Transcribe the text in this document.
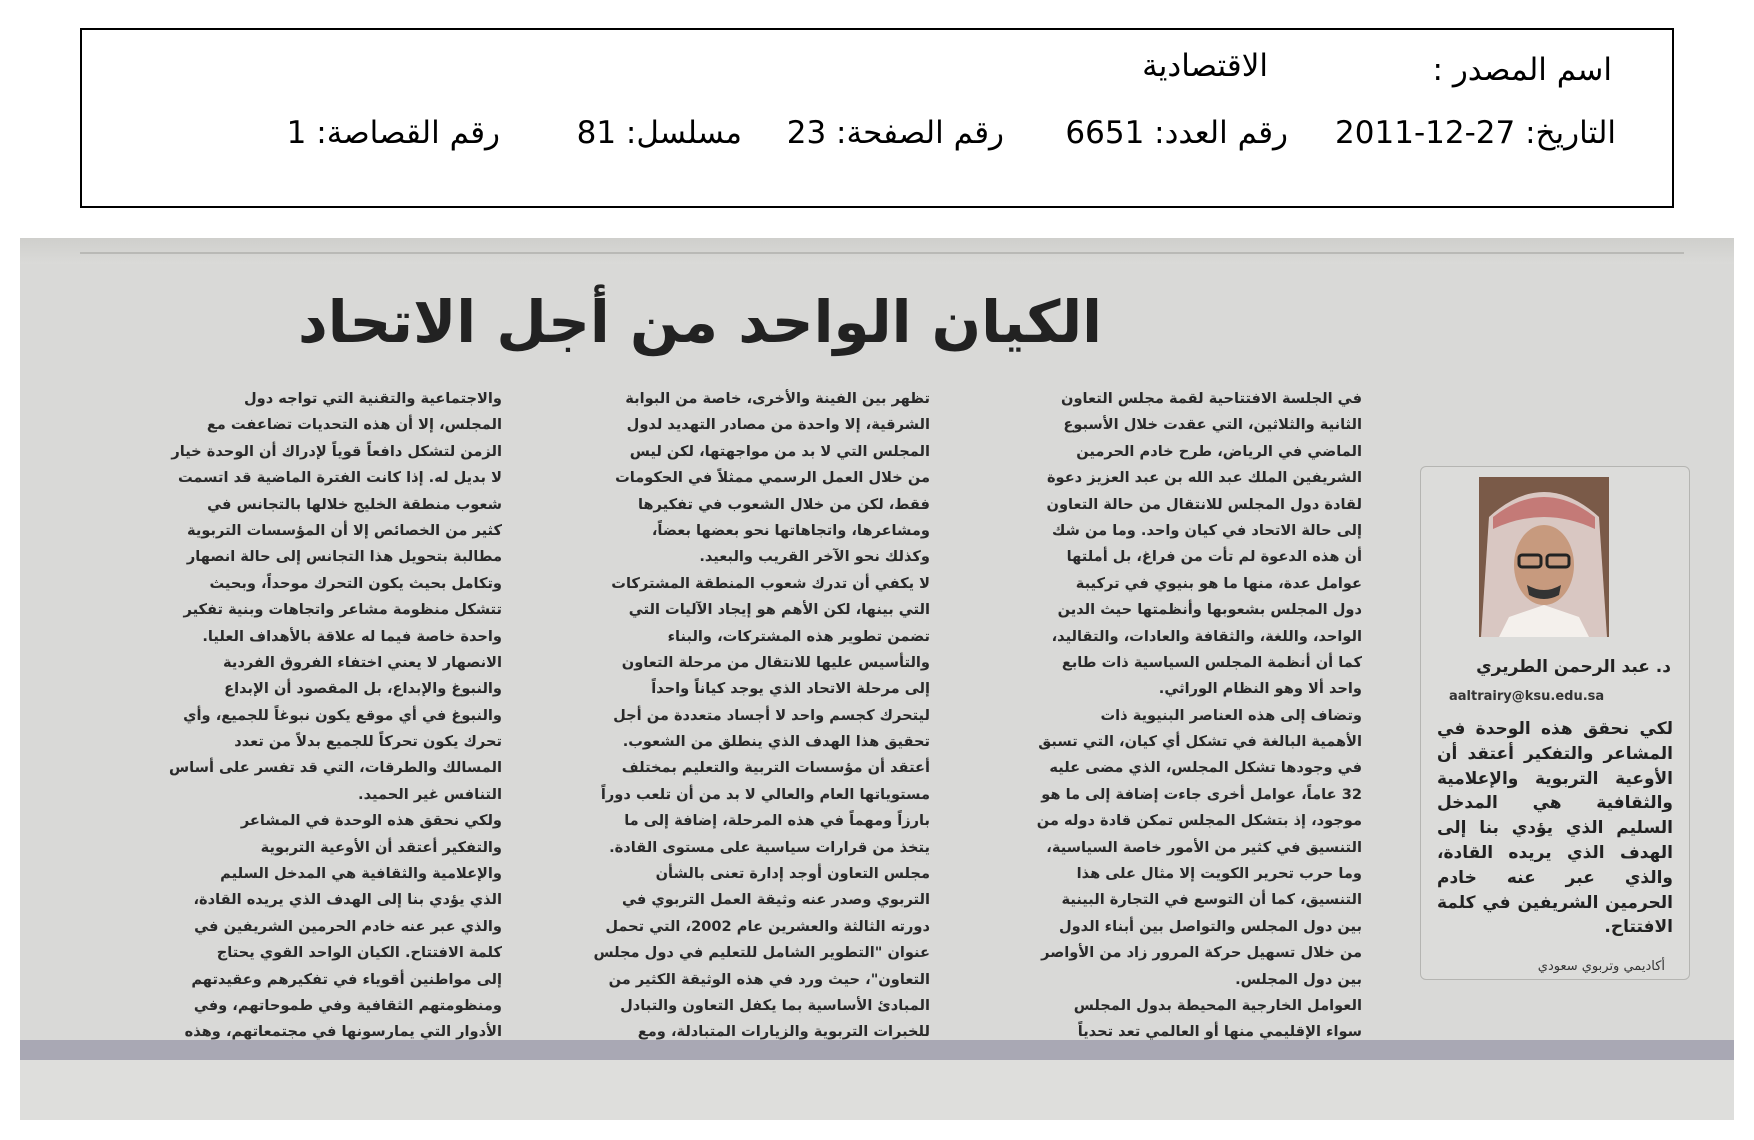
اسم المصدر :
الاقتصادية
التاريخ: 27-12-2011
رقم العدد: 6651
رقم الصفحة: 23
مسلسل: 81
رقم القصاصة: 1
الكيان الواحد من أجل الاتحاد
في الجلسة الافتتاحية لقمة مجلس التعاون
الثانية والثلاثين، التي عقدت خلال الأسبوع
الماضي في الرياض، طرح خادم الحرمين
الشريفين الملك عبد الله بن عبد العزيز دعوة
لقادة دول المجلس للانتقال من حالة التعاون
إلى حالة الاتحاد في كيان واحد. وما من شك
أن هذه الدعوة لم تأت من فراغ، بل أملتها
عوامل عدة، منها ما هو بنيوي في تركيبة
دول المجلس بشعوبها وأنظمتها حيث الدين
الواحد، واللغة، والثقافة والعادات، والتقاليد،
كما أن أنظمة المجلس السياسية ذات طابع
واحد ألا وهو النظام الوراثي.
وتضاف إلى هذه العناصر البنيوية ذات
الأهمية البالغة في تشكل أي كيان، التي تسبق
في وجودها تشكل المجلس، الذي مضى عليه
32 عاماً، عوامل أخرى جاءت إضافة إلى ما هو
موجود، إذ بتشكل المجلس تمكن قادة دوله من
التنسيق في كثير من الأمور خاصة السياسية،
وما حرب تحرير الكويت إلا مثال على هذا
التنسيق، كما أن التوسع في التجارة البينية
بين دول المجلس والتواصل بين أبناء الدول
من خلال تسهيل حركة المرور زاد من الأواصر
بين دول المجلس.
العوامل الخارجية المحيطة بدول المجلس
سواء الإقليمي منها أو العالمي تعد تحدياً
تظهر بين الفينة والأخرى، خاصة من البوابة
الشرقية، إلا واحدة من مصادر التهديد لدول
المجلس التي لا بد من مواجهتها، لكن ليس
من خلال العمل الرسمي ممثلاً في الحكومات
فقط، لكن من خلال الشعوب في تفكيرها
ومشاعرها، واتجاهاتها نحو بعضها بعضاً،
وكذلك نحو الآخر القريب والبعيد.
لا يكفي أن تدرك شعوب المنطقة المشتركات
التي بينها، لكن الأهم هو إيجاد الآليات التي
تضمن تطوير هذه المشتركات، والبناء
والتأسيس عليها للانتقال من مرحلة التعاون
إلى مرحلة الاتحاد الذي يوجد كياناً واحداً
ليتحرك كجسم واحد لا أجساد متعددة من أجل
تحقيق هذا الهدف الذي ينطلق من الشعوب.
أعتقد أن مؤسسات التربية والتعليم بمختلف
مستوياتها العام والعالي لا بد من أن تلعب دوراً
بارزاً ومهماً في هذه المرحلة، إضافة إلى ما
يتخذ من قرارات سياسية على مستوى القادة.
مجلس التعاون أوجد إدارة تعنى بالشأن
التربوي وصدر عنه وثيقة العمل التربوي في
دورته الثالثة والعشرين عام 2002، التي تحمل
عنوان "التطوير الشامل للتعليم في دول مجلس
التعاون"، حيث ورد في هذه الوثيقة الكثير من
المبادئ الأساسية بما يكفل التعاون والتبادل
للخبرات التربوية والزيارات المتبادلة، ومع
والاجتماعية والتقنية التي تواجه دول
المجلس، إلا أن هذه التحديات تضاعفت مع
الزمن لتشكل دافعاً قوياً لإدراك أن الوحدة خيار
لا بديل له. إذا كانت الفترة الماضية قد اتسمت
شعوب منطقة الخليج خلالها بالتجانس في
كثير من الخصائص إلا أن المؤسسات التربوية
مطالبة بتحويل هذا التجانس إلى حالة انصهار
وتكامل بحيث يكون التحرك موحداً، وبحيث
تتشكل منظومة مشاعر واتجاهات وبنية تفكير
واحدة خاصة فيما له علاقة بالأهداف العليا.
الانصهار لا يعني اختفاء الفروق الفردية
والنبوغ والإبداع، بل المقصود أن الإبداع
والنبوغ في أي موقع يكون نبوغاً للجميع، وأي
تحرك يكون تحركاً للجميع بدلاً من تعدد
المسالك والطرقات، التي قد تفسر على أساس
التنافس غير الحميد.
ولكي نحقق هذه الوحدة في المشاعر
والتفكير أعتقد أن الأوعية التربوية
والإعلامية والثقافية هي المدخل السليم
الذي يؤدي بنا إلى الهدف الذي يريده القادة،
والذي عبر عنه خادم الحرمين الشريفين في
كلمة الافتتاح. الكيان الواحد القوي يحتاج
إلى مواطنين أقوياء في تفكيرهم وعقيدتهم
ومنظومتهم الثقافية وفي طموحاتهم، وفي
الأدوار التي يمارسونها في مجتمعاتهم، وهذه
د. عبد الرحمن الطريري
aaltrairy@ksu.edu.sa
لكي نحقق هذه الوحدة في المشاعر والتفكير أعتقد أن الأوعية التربوية والإعلامية والثقافية هي المدخل السليم الذي يؤدي بنا إلى الهدف الذي يريده القادة، والذي عبر عنه خادم الحرمين الشريفين في كلمة الافتتاح.
أكاديمي وتربوي سعودي
